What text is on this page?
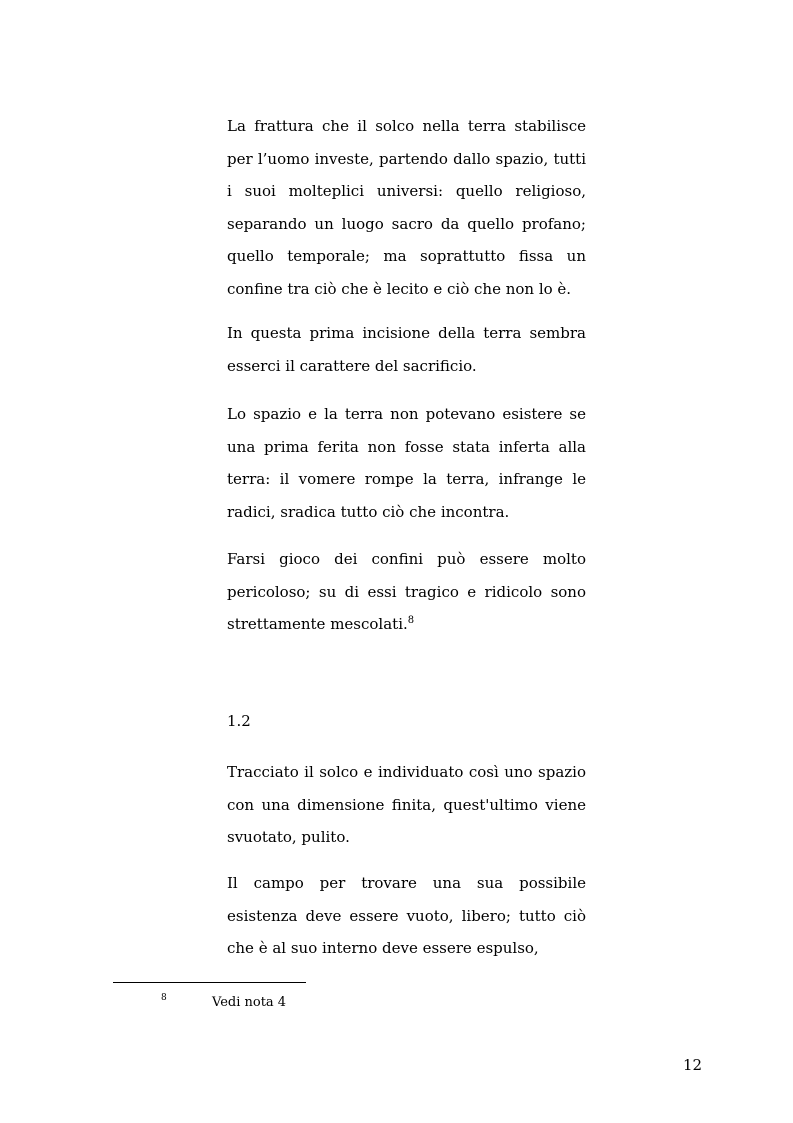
La frattura che il solco nella terra stabilisce per l’uomo investe, partendo dallo spazio, tutti i suoi molteplici universi: quello religioso, separando un luogo sacro da quello profano; quello temporale; ma soprattutto fissa un confine tra ciò che è lecito e ciò che non lo è.

In questa prima incisione della terra sembra esserci il carattere del sacrificio.

Lo spazio e la terra non potevano esistere se una prima ferita non fosse stata inferta alla terra: il vomere rompe la terra, infrange le radici, sradica tutto ciò che incontra.

Farsi gioco dei confini può essere molto pericoloso; su di essi tragico e ridicolo sono strettamente mescolati.$^8$

1.2

Tracciato il solco e individuato così uno spazio con una dimensione finita, quest'ultimo viene svuotato, pulito.

Il campo per trovare una sua possibile esistenza deve essere vuoto, libero; tutto ciò che è al suo interno deve essere espulso,

8	Vedi nota 4
12
